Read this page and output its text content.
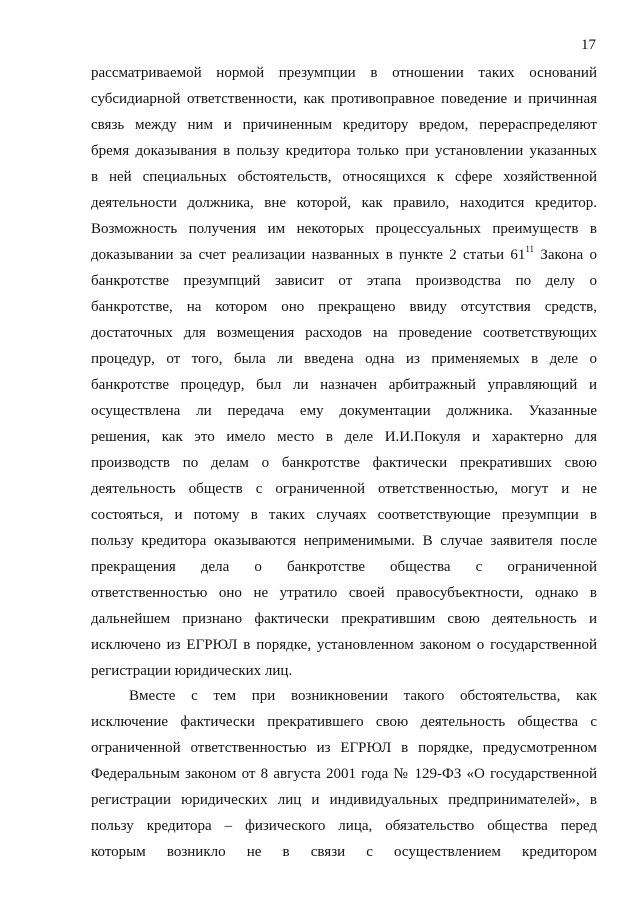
17
рассматриваемой нормой презумпции в отношении таких оснований
субсидиарной ответственности, как противоправное поведение и причинная
связь между ним и причиненным кредитору вредом, перераспределяют
бремя доказывания в пользу кредитора только при установлении указанных
в ней специальных обстоятельств, относящихся к сфере хозяйственной
деятельности должника, вне которой, как правило, находится кредитор.
Возможность получения им некоторых процессуальных преимуществ в
доказывании за счет реализации названных в пункте 2 статьи $61^{11}$ Закона о
банкротстве презумпций зависит от этапа производства по делу о
банкротстве, на котором оно прекращено ввиду отсутствия средств,
достаточных для возмещения расходов на проведение соответствующих
процедур, от того, была ли введена одна из применяемых в деле о
банкротстве процедур, был ли назначен арбитражный управляющий и
осуществлена ли передача ему документации должника. Указанные
решения, как это имело место в деле И.И.Покуля и характерно для
производств по делам о банкротстве фактически прекративших свою
деятельность обществ с ограниченной ответственностью, могут и не
состояться, и потому в таких случаях соответствующие презумпции в
пользу кредитора оказываются неприменимыми. В случае заявителя после
прекращения дела о банкротстве общества с ограниченной
ответственностью оно не утратило своей правосубъектности, однако в
дальнейшем признано фактически прекратившим свою деятельность и
исключено из ЕГРЮЛ в порядке, установленном законом о государственной
регистрации юридических лиц.
Вместе с тем при возникновении такого обстоятельства, как
исключение фактически прекратившего свою деятельность общества с
ограниченной ответственностью из ЕГРЮЛ в порядке, предусмотренном
Федеральным законом от 8 августа 2001 года № 129-ФЗ «О государственной
регистрации юридических лиц и индивидуальных предпринимателей», в
пользу кредитора – физического лица, обязательство общества перед
которым возникло не в связи с осуществлением кредитором
